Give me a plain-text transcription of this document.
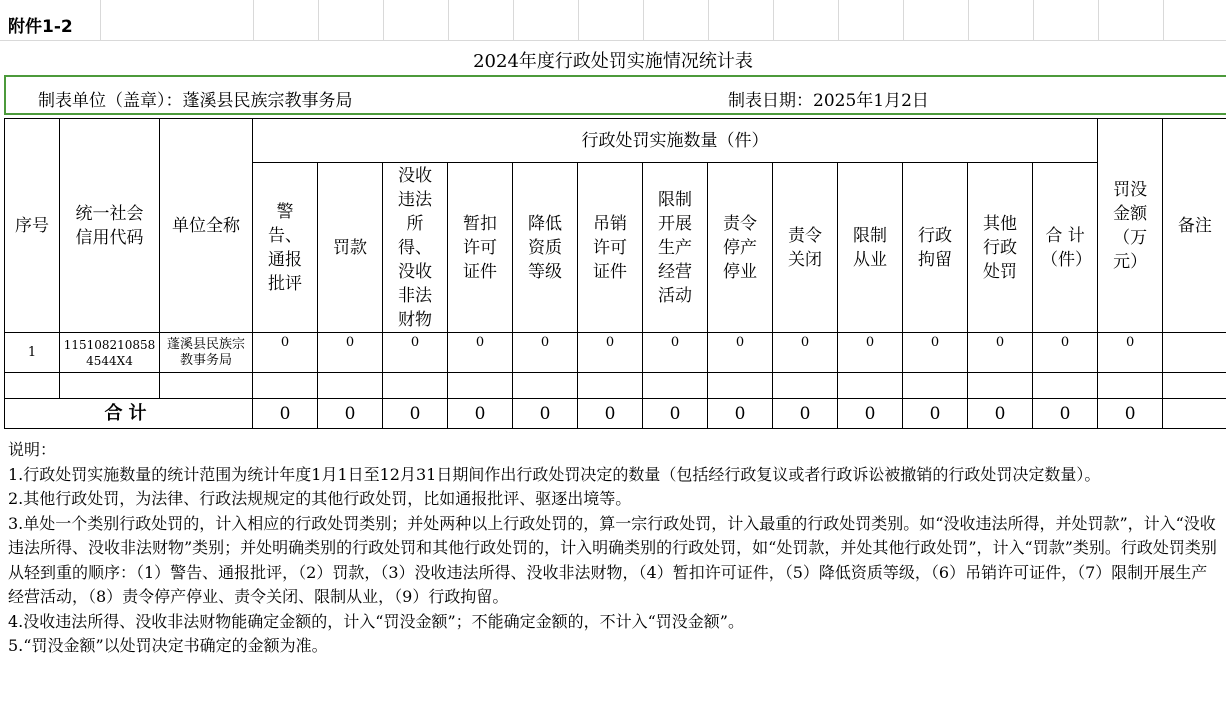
附件1-2
2024年度行政处罚实施情况统计表
制表单位（盖章）：蓬溪县民族宗教事务局	制表日期：2025年1月2日
序号	统一社会信用代码	单位全称	行政处罚实施数量（件）													罚没金额（万元）	备注

			警告、通报批评	罚款	没收违法所得、没收非法财物	暂扣许可证件	降低资质等级	吊销许可证件	限制开展生产经营活动	责令停产停业	责令关闭	限制从业	行政拘留	其他行政处罚	合 计（件）		

1	1151082108584544X4	蓬溪县民族宗教事务局	0	0	0	0	0	0	0	0	0	0	0	0	0	0	

合计			0	0	0	0	0	0	0	0	0	0	0	0	0	0	

说明：

1.行政处罚实施数量的统计范围为统计年度1月1日至12月31日期间作出行政处罚决定的数量（包括经行政复议或者行政诉讼被撤销的行政处罚决定数量）。

2.其他行政处罚，为法律、行政法规规定的其他行政处罚，比如通报批评、驱逐出境等。

3.单处一个类别行政处罚的，计入相应的行政处罚类别；并处两种以上行政处罚的，算一宗行政处罚，计入最重的行政处罚类别。如“没收违法所得，并处罚款”，计入“没收违法所得、没收非法财物”类别；并处明确类别的行政处罚和其他行政处罚的，计入明确类别的行政处罚，如“处罚款，并处其他行政处罚”，计入“罚款”类别。行政处罚类别从轻到重的顺序：（1）警告、通报批评，（2）罚款，（3）没收违法所得、没收非法财物，（4）暂扣许可证件，（5）降低资质等级，（6）吊销许可证件，（7）限制开展生产经营活动，（8）责令停产停业、责令关闭、限制从业，（9）行政拘留。

4.没收违法所得、没收非法财物能确定金额的，计入“罚没金额”；不能确定金额的，不计入“罚没金额”。

5.“罚没金额”以处罚决定书确定的金额为准。
